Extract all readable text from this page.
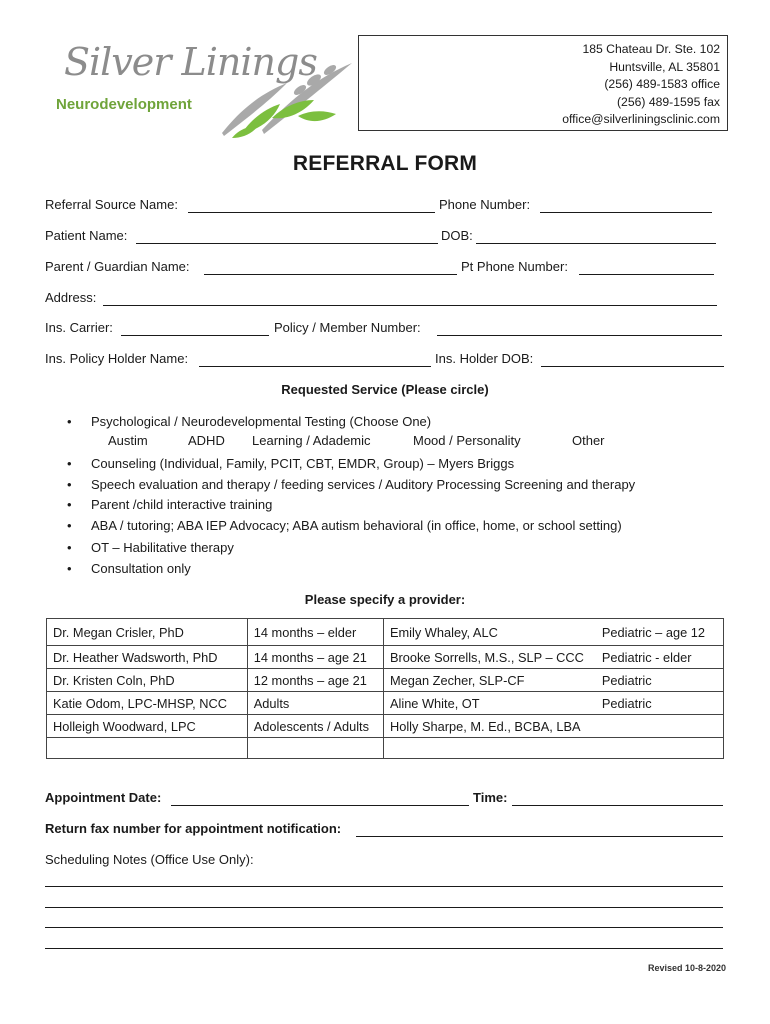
Silver Linings
Neurodevelopment
185 Chateau Dr. Ste. 102
Huntsville, AL 35801
(256) 489-1583 office
(256) 489-1595 fax
office@silverliningsclinic.com
REFERRAL FORM
Referral Source Name:	Phone Number:
Patient Name:	DOB:
Parent / Guardian Name:	Pt Phone Number:
Address:
Ins. Carrier:	Policy / Member Number:
Ins. Policy Holder Name:	Ins. Holder DOB:
Requested Service (Please circle)
• Psychological / Neurodevelopmental Testing (Choose One)
• Counseling (Individual, Family, PCIT, CBT, EMDR, Group) – Myers Briggs
• Speech evaluation and therapy / feeding services / Auditory Processing Screening and therapy
• Parent /child interactive training
• ABA / tutoring; ABA IEP Advocacy; ABA autism behavioral (in office, home, or school setting)
• OT – Habilitative therapy
• Consultation only
Austim	ADHD Learning / Adademic	Mood / Personality	Other
Please specify a provider:
Dr. Megan Crisler, PhD	14 months – elder	Emily Whaley, ALC	Pediatric – age 12
Dr. Heather Wadsworth, PhD	14 months – age 21	Brooke Sorrells, M.S., SLP – CCC	Pediatric - elder
Dr. Kristen Coln, PhD	12 months – age 21	Megan Zecher, SLP-CF	Pediatric
Katie Odom, LPC-MHSP, NCC	Adults	Aline White, OT	Pediatric
Holleigh Woodward, LPC	Adolescents / Adults	Holly Sharpe, M. Ed., BCBA, LBA	

Appointment Date:	Time:
Return fax number for appointment notification:
Scheduling Notes (Office Use Only):
Revised 10-8-2020
